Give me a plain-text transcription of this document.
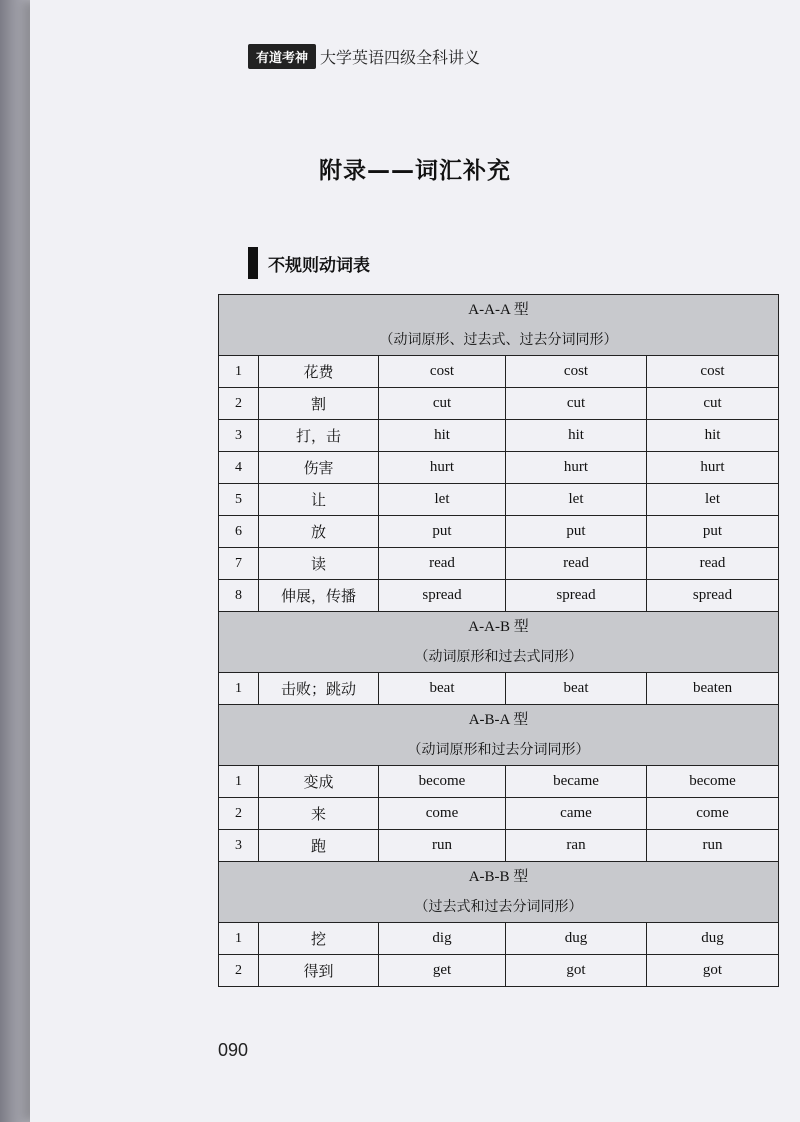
有道考神 大学英语四级全科讲义
附录——词汇补充
不规则动词表
A-A-A 型
（动词原形、过去式、过去分词同形）				

1	花费	cost	cost	cost
2	割	cut	cut	cut
3	打，击	hit	hit	hit
4	伤害	hurt	hurt	hurt
5	让	let	let	let
6	放	put	put	put
7	读	read	read	read
8	伸展，传播	spread	spread	spread

A-A-B 型
（动词原形和过去式同形）				

1	击败；跳动	beat	beat	beaten

A-B-A 型
（动词原形和过去分词同形）				

1	变成	become	became	become
2	来	come	came	come
3	跑	run	ran	run

A-B-B 型
（过去式和过去分词同形）				

1	挖	dig	dug	dug
2	得到	get	got	got
090
